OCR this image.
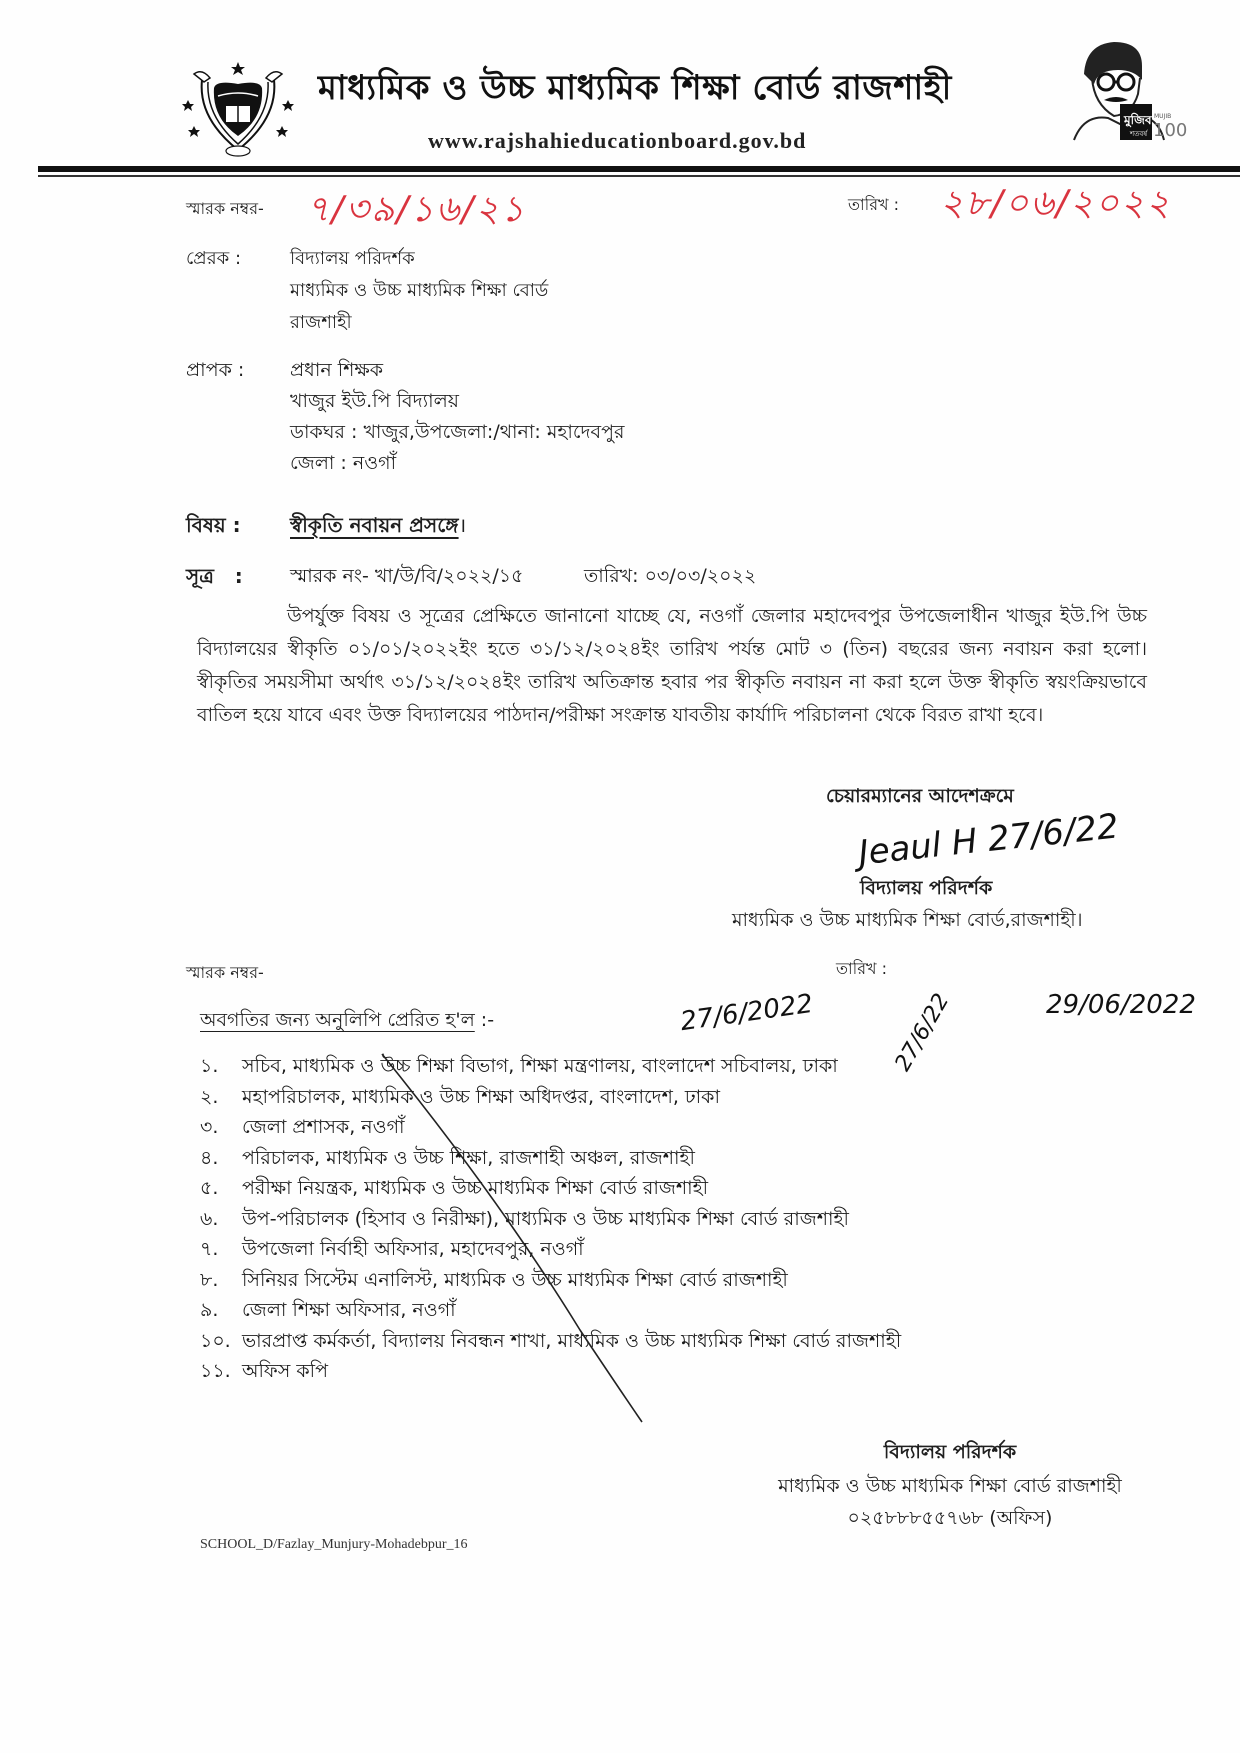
মাধ্যমিক ও উচ্চ মাধ্যমিক শিক্ষা বোর্ড রাজশাহী
www.rajshahieducationboard.gov.bd
মুজিব
শতবর্ষ
MUJIB
100
স্মারক নম্বর- ৭/৩৯/১৬/২১	তারিখ : ২৮/০৬/২০২২
প্রেরক :	বিদ্যালয় পরিদর্শক
মাধ্যমিক ও উচ্চ মাধ্যমিক শিক্ষা বোর্ড
রাজশাহী
প্রাপক : প্রধান শিক্ষক
খাজুর ইউ.পি বিদ্যালয়
ডাকঘর : খাজুর,উপজেলা:/থানা: মহাদেবপুর
জেলা : নওগাঁ
বিষয় : স্বীকৃতি নবায়ন প্রসঙ্গে।
সূত্র   : স্মারক নং- খা/উ/বি/২০২২/১৫	তারিখ: ০৩/০৩/২০২২
উপর্যুক্ত বিষয় ও সূত্রের প্রেক্ষিতে জানানো যাচ্ছে যে, নওগাঁ জেলার মহাদেবপুর উপজেলাধীন খাজুর ইউ.পি উচ্চ বিদ্যালয়ের স্বীকৃতি ০১/০১/২০২২ইং হতে ৩১/১২/২০২৪ইং তারিখ পর্যন্ত মোট ৩ (তিন) বছরের জন্য নবায়ন করা হলো। স্বীকৃতির সময়সীমা অর্থাৎ ৩১/১২/২০২৪ইং তারিখ অতিক্রান্ত হবার পর স্বীকৃতি নবায়ন না করা হলে উক্ত স্বীকৃতি স্বয়ংক্রিয়ভাবে বাতিল হয়ে যাবে এবং উক্ত বিদ্যালয়ের পাঠদান/পরীক্ষা সংক্রান্ত যাবতীয় কার্যাদি পরিচালনা থেকে বিরত রাখা হবে।
চেয়ারম্যানের আদেশক্রমে
Jeaul H 27/6/22
বিদ্যালয় পরিদর্শক
মাধ্যমিক ও উচ্চ মাধ্যমিক শিক্ষা বোর্ড,রাজশাহী।
স্মারক নম্বর-	তারিখ :
27/6/2022	27/6/22	29/06/2022
অবগতির জন্য অনুলিপি প্রেরিত হ'ল :-
১.	সচিব, মাধ্যমিক ও উচ্চ শিক্ষা বিভাগ, শিক্ষা মন্ত্রণালয়, বাংলাদেশ সচিবালয়, ঢাকা
২.	মহাপরিচালক, মাধ্যমিক ও উচ্চ শিক্ষা অধিদপ্তর, বাংলাদেশ, ঢাকা
৩.	জেলা প্রশাসক, নওগাঁ
৪.	পরিচালক, মাধ্যমিক ও উচ্চ শিক্ষা, রাজশাহী অঞ্চল, রাজশাহী
৫.	পরীক্ষা নিয়ন্ত্রক, মাধ্যমিক ও উচ্চ মাধ্যমিক শিক্ষা বোর্ড রাজশাহী
৬.	উপ-পরিচালক (হিসাব ও নিরীক্ষা), মাধ্যমিক ও উচ্চ মাধ্যমিক শিক্ষা বোর্ড রাজশাহী
৭.	উপজেলা নির্বাহী অফিসার, মহাদেবপুর, নওগাঁ
৮.	সিনিয়র সিস্টেম এনালিস্ট, মাধ্যমিক ও উচ্চ মাধ্যমিক শিক্ষা বোর্ড রাজশাহী
৯.	জেলা শিক্ষা অফিসার, নওগাঁ
১০. ভারপ্রাপ্ত কর্মকর্তা, বিদ্যালয় নিবন্ধন শাখা, মাধ্যমিক ও উচ্চ মাধ্যমিক শিক্ষা বোর্ড রাজশাহী
১১. অফিস কপি
বিদ্যালয় পরিদর্শক
মাধ্যমিক ও উচ্চ মাধ্যমিক শিক্ষা বোর্ড রাজশাহী
০২৫৮৮৮৫৫৭৬৮ (অফিস)
SCHOOL_D/Fazlay_Munjury-Mohadebpur_16
